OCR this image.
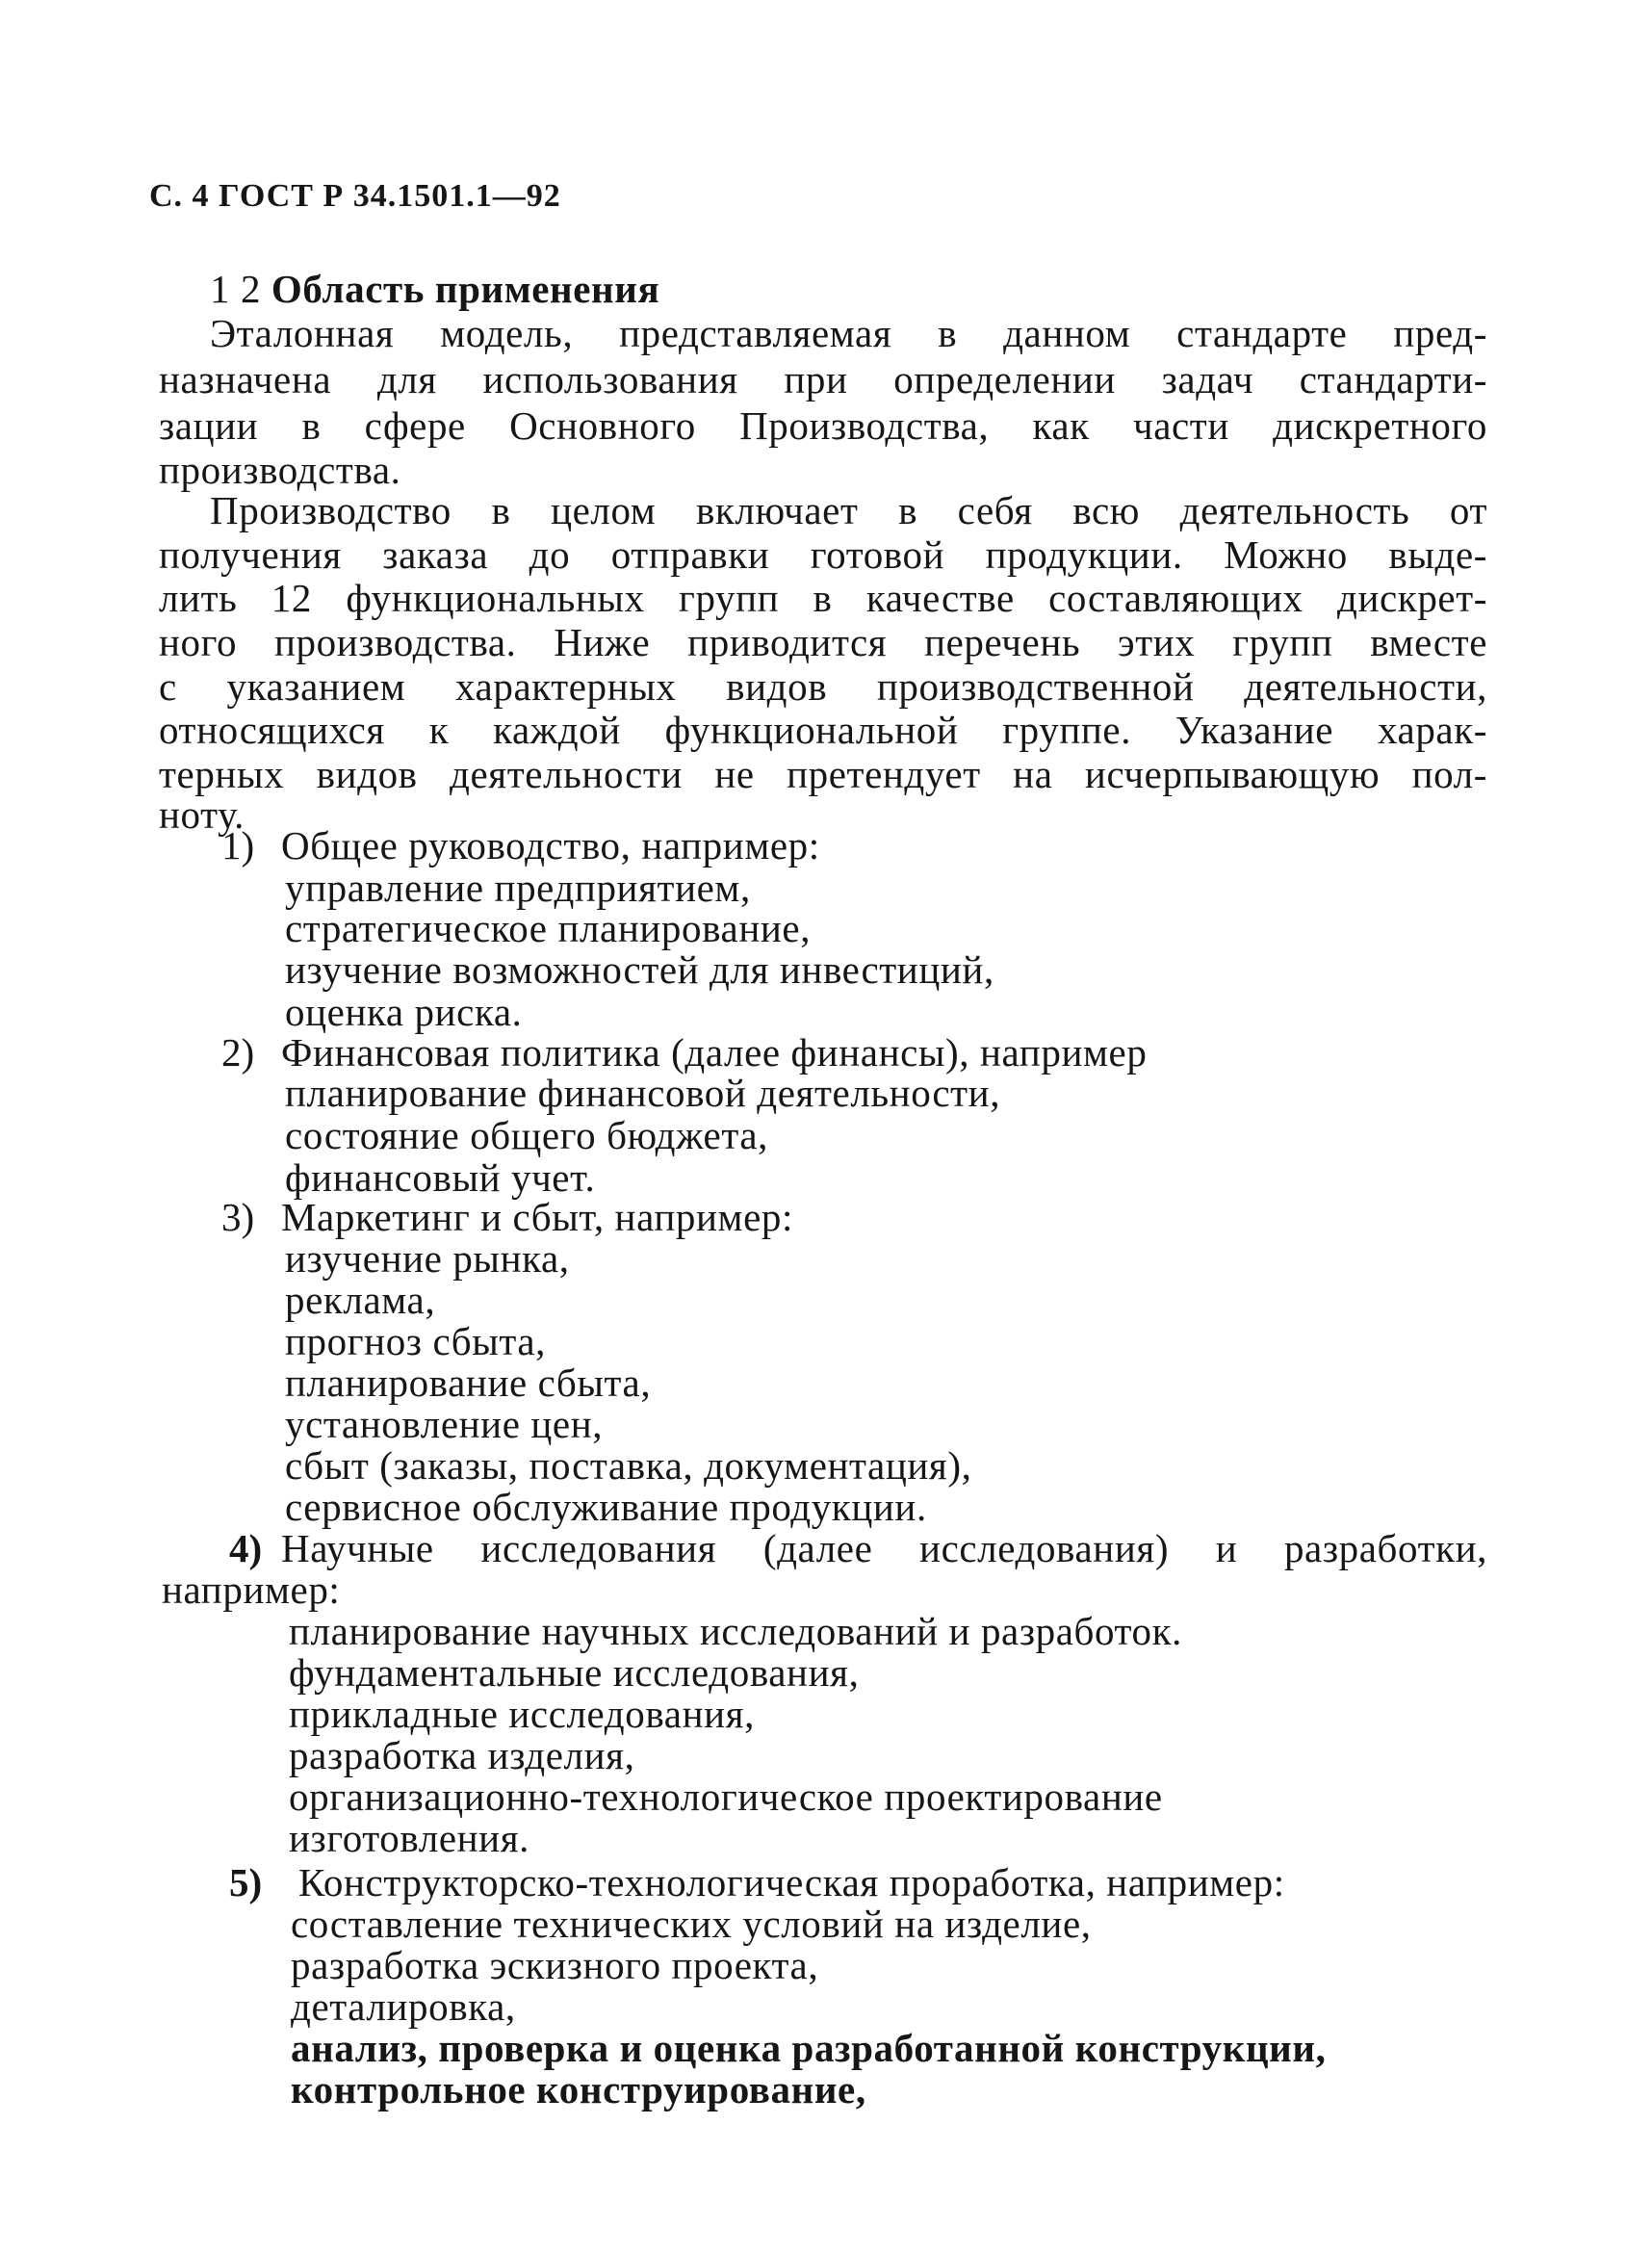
С. 4 ГОСТ Р 34.1501.1—92
1 2 Область применения
Эталонная модель, представляемая в данном стандарте пред-
назначена для использования при определении задач стандарти-
зации в сфере Основного Производства, как части дискретного
производства.
Производство в целом включает в себя всю деятельность от
получения заказа до отправки готовой продукции. Можно выде-
лить 12 функциональных групп в качестве составляющих дискрет-
ного производства. Ниже приводится перечень этих групп вместе
с указанием характерных видов производственной деятельности,
относящихся к каждой функциональной группе. Указание харак-
терных видов деятельности не претендует на исчерпывающую пол-
ноту.
1) Общее руководство, например:
управление предприятием,
стратегическое планирование,
изучение возможностей для инвестиций,
оценка риска.
2) Финансовая политика (далее финансы), например
планирование финансовой деятельности,
состояние общего бюджета,
финансовый учет.
3) Маркетинг и сбыт, например:
изучение рынка,
реклама,
прогноз сбыта,
планирование сбыта,
установление цен,
сбыт (заказы, поставка, документация),
сервисное обслуживание продукции.
4) Научные исследования (далее исследования) и разработки,
например:
планирование научных исследований и разработок.
фундаментальные исследования,
прикладные исследования,
разработка изделия,
организационно-технологическое проектирование
изготовления.
5) Конструкторско-технологическая проработка, например:
составление технических условий на изделие,
разработка эскизного проекта,
деталировка,
анализ, проверка и оценка разработанной конструкции,
контрольное конструирование,
